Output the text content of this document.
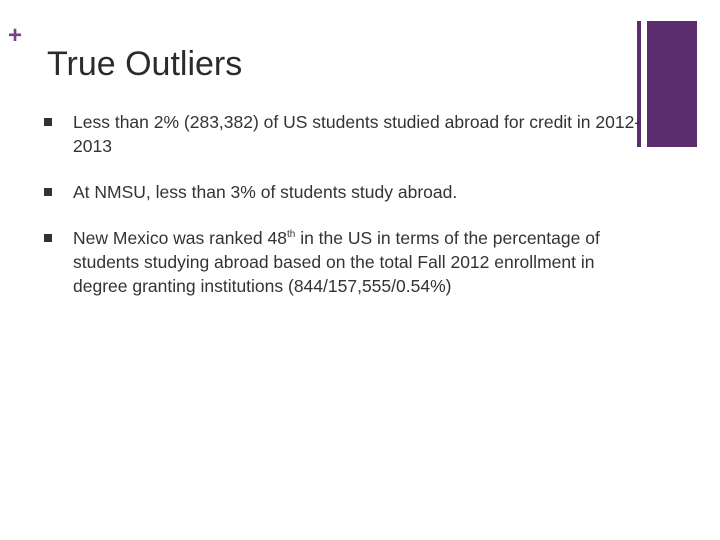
+
True Outliers
Less than 2% (283,382) of US students studied abroad for credit in 2012-2013
At NMSU, less than 3% of students study abroad.
New Mexico was ranked 48th in the US in terms of the percentage of students studying abroad based on the total Fall 2012 enrollment in degree granting institutions (844/157,555/0.54%)
